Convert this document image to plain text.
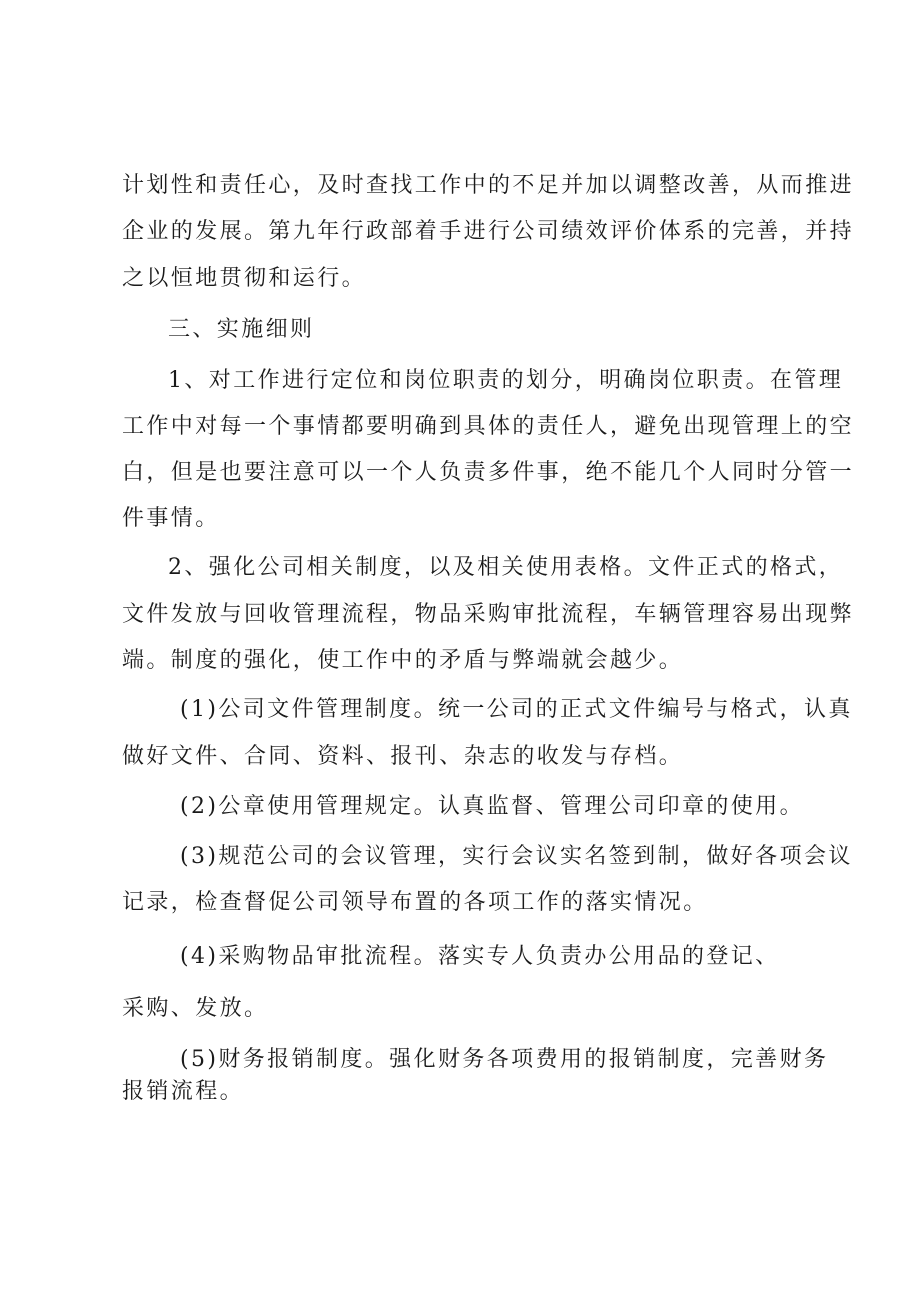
计划性和责任心，及时查找工作中的不足并加以调整改善，从而推进
企业的发展。第九年行政部着手进行公司绩效评价体系的完善，并持
之以恒地贯彻和运行。
三、实施细则
1、对工作进行定位和岗位职责的划分，明确岗位职责。在管理
工作中对每一个事情都要明确到具体的责任人，避免出现管理上的空
白，但是也要注意可以一个人负责多件事，绝不能几个人同时分管一
件事情。
2、强化公司相关制度，以及相关使用表格。文件正式的格式，
文件发放与回收管理流程，物品采购审批流程，车辆管理容易出现弊
端。制度的强化，使工作中的矛盾与弊端就会越少。
(1)公司文件管理制度。统一公司的正式文件编号与格式，认真
做好文件、合同、资料、报刊、杂志的收发与存档。
(2)公章使用管理规定。认真监督、管理公司印章的使用。
(3)规范公司的会议管理，实行会议实名签到制，做好各项会议
记录，检查督促公司领导布置的各项工作的落实情况。
(4)采购物品审批流程。落实专人负责办公用品的登记、
采购、发放。
(5)财务报销制度。强化财务各项费用的报销制度，完善财务
报销流程。
